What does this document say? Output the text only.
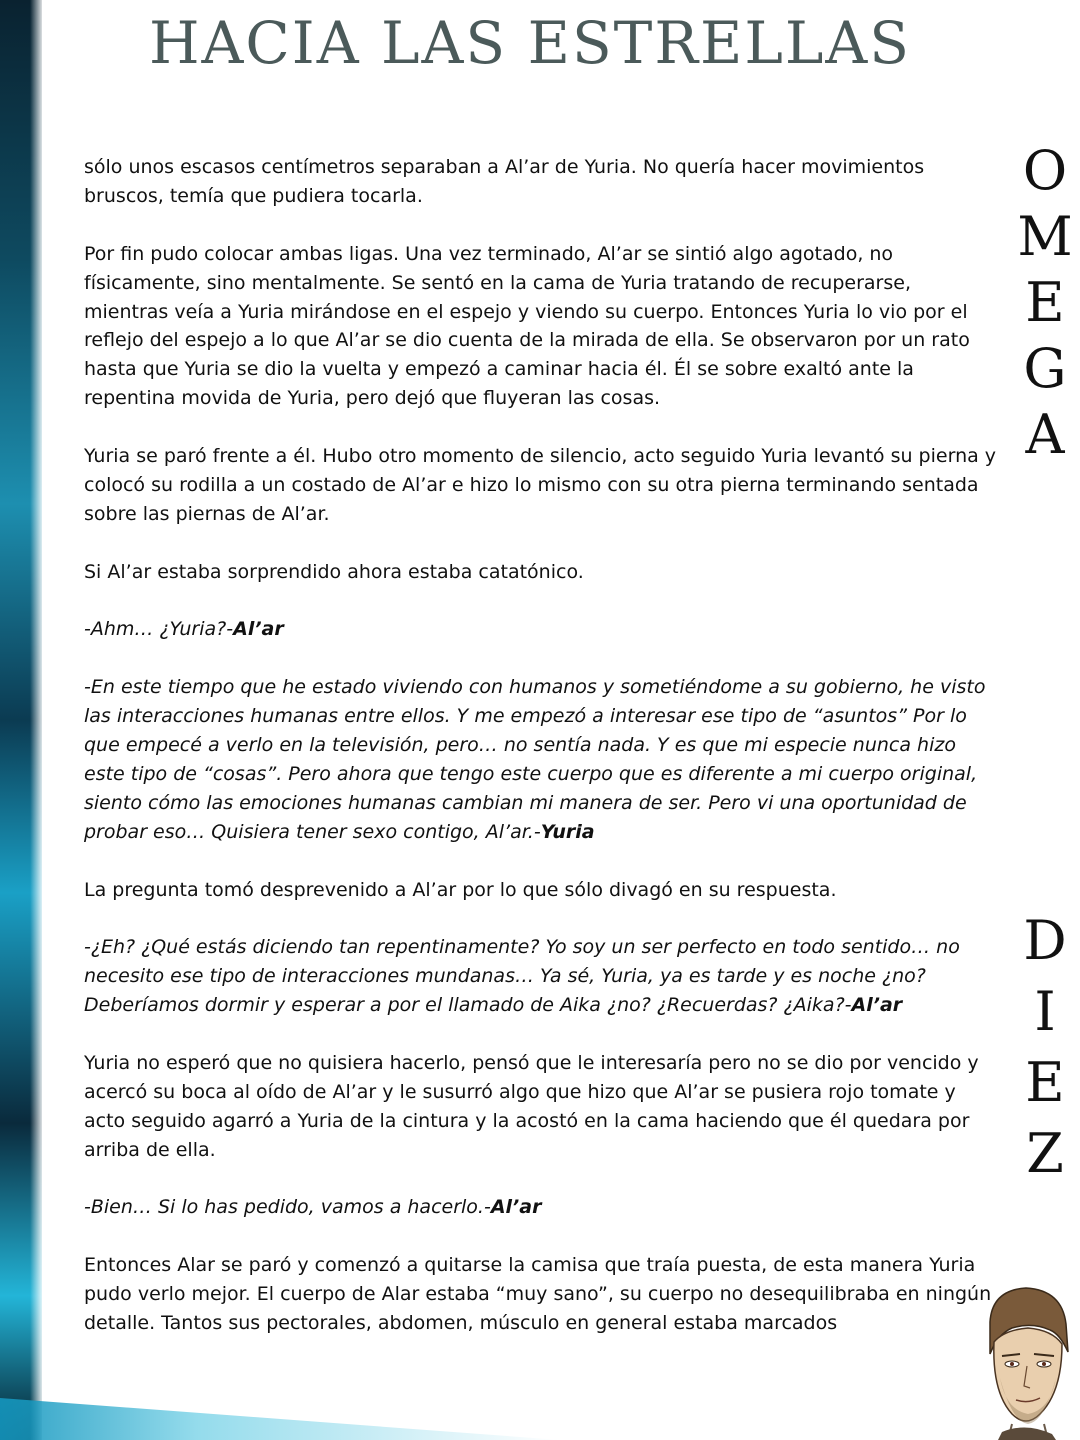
HACIA LAS ESTRELLAS

sólo unos escasos centímetros separaban a Al’ar de Yuria. No quería hacer movimientos bruscos, temía que pudiera tocarla.

Por fin pudo colocar ambas ligas. Una vez terminado, Al’ar se sintió algo agotado, no físicamente, sino mentalmente. Se sentó en la cama de Yuria tratando de recuperarse, mientras veía a Yuria mirándose en el espejo y viendo su cuerpo. Entonces Yuria lo vio por el reflejo del espejo a lo que Al’ar se dio cuenta de la mirada de ella. Se observaron por un rato hasta que Yuria se dio la vuelta y empezó a caminar hacia él. Él se sobre exaltó ante la repentina movida de Yuria, pero dejó que fluyeran las cosas.

Yuria se paró frente a él. Hubo otro momento de silencio, acto seguido Yuria levantó su pierna y colocó su rodilla a un costado de Al’ar e hizo lo mismo con su otra pierna terminando sentada sobre las piernas de Al’ar.

Si Al’ar estaba sorprendido ahora estaba catatónico.

-Ahm… ¿Yuria?-Al’ar

-En este tiempo que he estado viviendo con humanos y sometiéndome a su gobierno, he visto las interacciones humanas entre ellos. Y me empezó a interesar ese tipo de “asuntos” Por lo que empecé a verlo en la televisión, pero… no sentía nada. Y es que mi especie nunca hizo este tipo de “cosas”. Pero ahora que tengo este cuerpo que es diferente a mi cuerpo original, siento cómo las emociones humanas cambian mi manera de ser. Pero vi una oportunidad de probar eso… Quisiera tener sexo contigo, Al’ar.-Yuria

La pregunta tomó desprevenido a Al’ar por lo que sólo divagó en su respuesta.

-¿Eh? ¿Qué estás diciendo tan repentinamente? Yo soy un ser perfecto en todo sentido… no necesito ese tipo de interacciones mundanas… Ya sé, Yuria, ya es tarde y es noche ¿no? Deberíamos dormir y esperar a por el llamado de Aika ¿no? ¿Recuerdas? ¿Aika?-Al’ar

Yuria no esperó que no quisiera hacerlo, pensó que le interesaría pero no se dio por vencido y acercó su boca al oído de Al’ar y le susurró algo que hizo que Al’ar se pusiera rojo tomate y acto seguido agarró a Yuria de la cintura y la acostó en la cama haciendo que él quedara por arriba de ella.

-Bien… Si lo has pedido, vamos a hacerlo.-Al’ar

Entonces Alar se paró y comenzó a quitarse la camisa que traía puesta, de esta manera Yuria pudo verlo mejor. El cuerpo de Alar estaba “muy sano”, su cuerpo no desequilibraba en ningún detalle. Tantos sus pectorales, abdomen, músculo en general estaba marcados

O
M
E
G
A
D
I
E
Z
